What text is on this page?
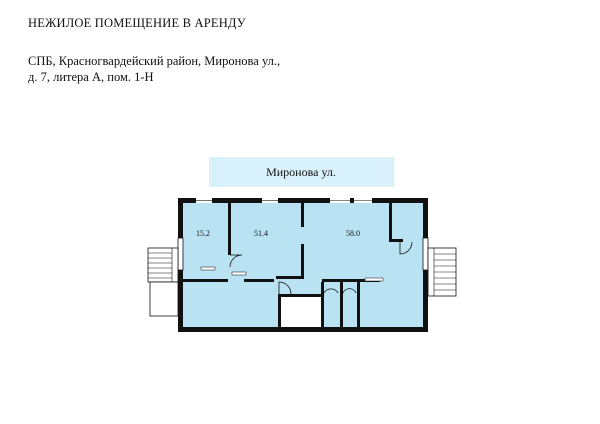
НЕЖИЛОЕ ПОМЕЩЕНИЕ В АРЕНДУ
СПБ, Красногвардейский район, Миронова ул.,
д. 7, литера А, пом. 1-Н
Миронова ул.
15.2	51.4	58.0
